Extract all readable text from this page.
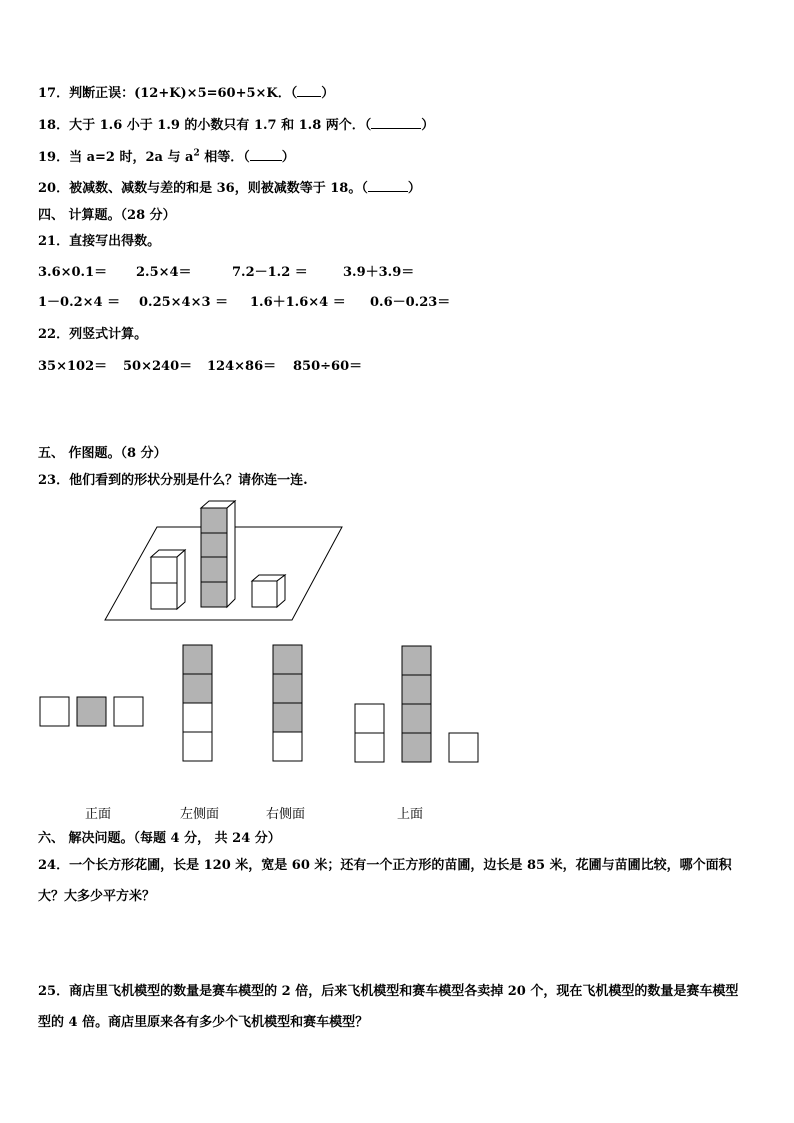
17．判断正误：(12+K)×5=60+5×K．（ ）
18．大于 1.6 小于 1.9 的小数只有 1.7 和 1.8 两个．（	）
19．当 a=2 时，2a 与 $a^2$ 相等．（ ）
20．被减数、减数与差的和是 36，则被减数等于 18。（	）
四、 计算题。（28 分）
21．直接写出得数。
3.6×0.1＝ 2.5×4＝	7.2－1.2 ＝	3.9＋3.9＝
1－0.2×4 ＝ 0.25×4×3 ＝ 1.6＋1.6×4 ＝ 0.6－0.23＝
22．列竖式计算。
35×102＝ 50×240＝ 124×86＝ 850÷60＝
五、 作图题。（8 分）
23．他们看到的形状分别是什么？请你连一连.
正面	左侧面	右侧面	上面
六、 解决问题。（每题 4 分， 共 24 分）
24．一个长方形花圃，长是 120 米，宽是 60 米；还有一个正方形的苗圃，边长是 85 米，花圃与苗圃比较，哪个面积
大？大多少平方米？
25．商店里飞机模型的数量是赛车模型的 2 倍，后来飞机模型和赛车模型各卖掉 20 个，现在飞机模型的数量是赛车模型
型的 4 倍。商店里原来各有多少个飞机模型和赛车模型？
